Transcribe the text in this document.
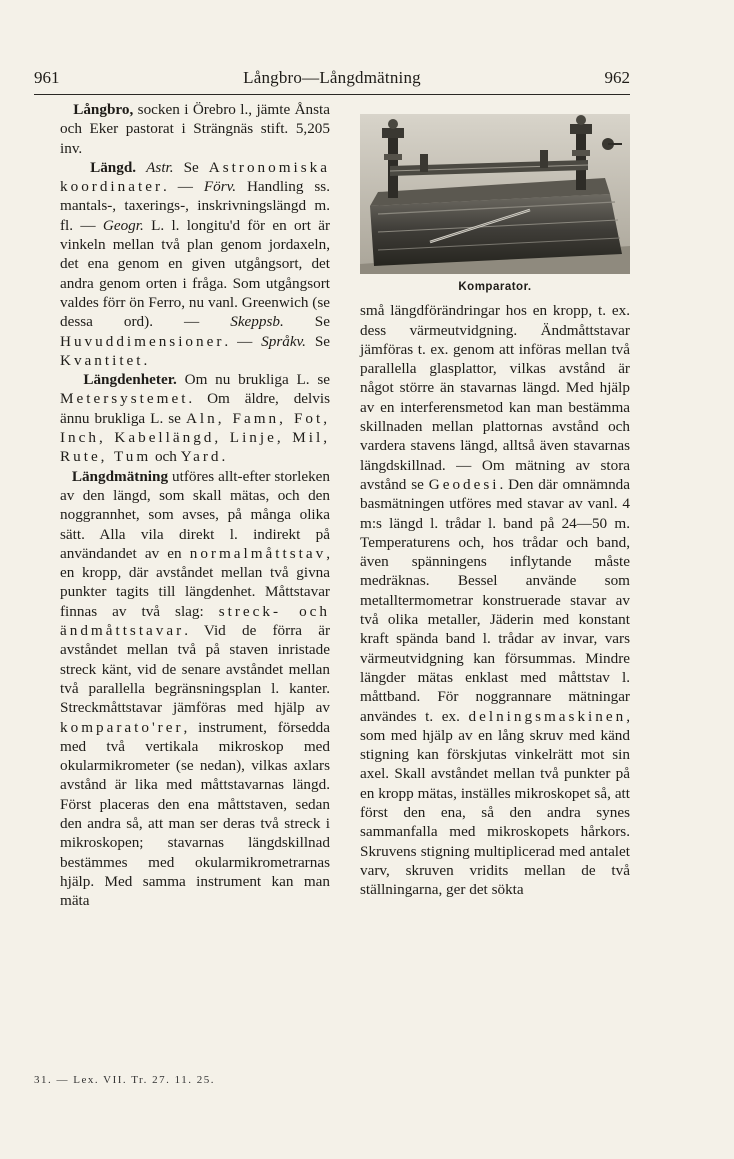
961	Långbro—Långdmätning	962

Långbro, socken i Örebro l., jämte Ånsta och Eker pastorat i Strängnäs stift. 5,205 inv.

Längd. Astr. Se Astronomiska koordinater. — Förv. Handling ss. mantals-, taxerings-, inskrivningslängd m. fl. — Geogr. L. l. longitu'd för en ort är vinkeln mellan två plan genom jordaxeln, det ena genom en given utgångsort, det andra genom orten i fråga. Som utgångsort valdes förr ön Ferro, nu vanl. Greenwich (se dessa ord). — Skeppsb. Se Huvuddimensioner. — Språkv. Se Kvantitet.

Längdenheter. Om nu brukliga L. se Metersystemet. Om äldre, delvis ännu brukliga L. se Aln, Famn, Fot, Inch, Kabellängd, Linje, Mil, Rute, Tum och Yard.

Längdmätning utföres allt-efter storleken av den längd, som skall mätas, och den noggrannhet, som avses, på många olika sätt. Alla vila direkt l. indirekt på användandet av en normalmåttstav, en kropp, där avståndet mellan två givna punkter tagits till längdenhet. Måttstavar finnas av två slag: streck- och ändmåttstavar. Vid de förra är avståndet mellan två på staven inristade streck känt, vid de senare avståndet mellan två parallella begränsningsplan l. kanter. Streckmåttstavar jämföras med hjälp av komparato'rer, instrument, försedda med två vertikala mikroskop med okularmikrometer (se nedan), vilkas axlars avstånd är lika med måttstavarnas längd. Först placeras den ena måttstaven, sedan den andra så, att man ser deras två streck i mikroskopen; stavarnas längdskillnad bestämmes med okularmikrometrarnas hjälp. Med samma instrument kan man mäta

Komparator.

små längdförändringar hos en kropp, t. ex. dess värmeutvidgning. Ändmåttstavar jämföras t. ex. genom att införas mellan två parallella glasplattor, vilkas avstånd är något större än stavarnas längd. Med hjälp av en interferensmetod kan man bestämma skillnaden mellan plattornas avstånd och vardera stavens längd, alltså även stavarnas längdskillnad. — Om mätning av stora avstånd se Geodesi. Den där omnämnda basmätningen utföres med stavar av vanl. 4 m:s längd l. trådar l. band på 24—50 m. Temperaturens och, hos trådar och band, även spänningens inflytande måste medräknas. Bessel använde som metalltermometrar konstruerade stavar av två olika metaller, Jäderin med konstant kraft spända band l. trådar av invar, vars värmeutvidgning kan försummas. Mindre längder mätas enklast med måttstav l. måttband. För noggrannare mätningar användes t. ex. delningsmaskinen, som med hjälp av en lång skruv med känd stigning kan förskjutas vinkelrätt mot sin axel. Skall avståndet mellan två punkter på en kropp mätas, inställes mikroskopet så, att först den ena, så den andra synes sammanfalla med mikroskopets hårkors. Skruvens stigning multiplicerad med antalet varv, skruven vridits mellan de två ställningarna, ger det sökta

31. — Lex. VII. Tr. 27. 11. 25.
